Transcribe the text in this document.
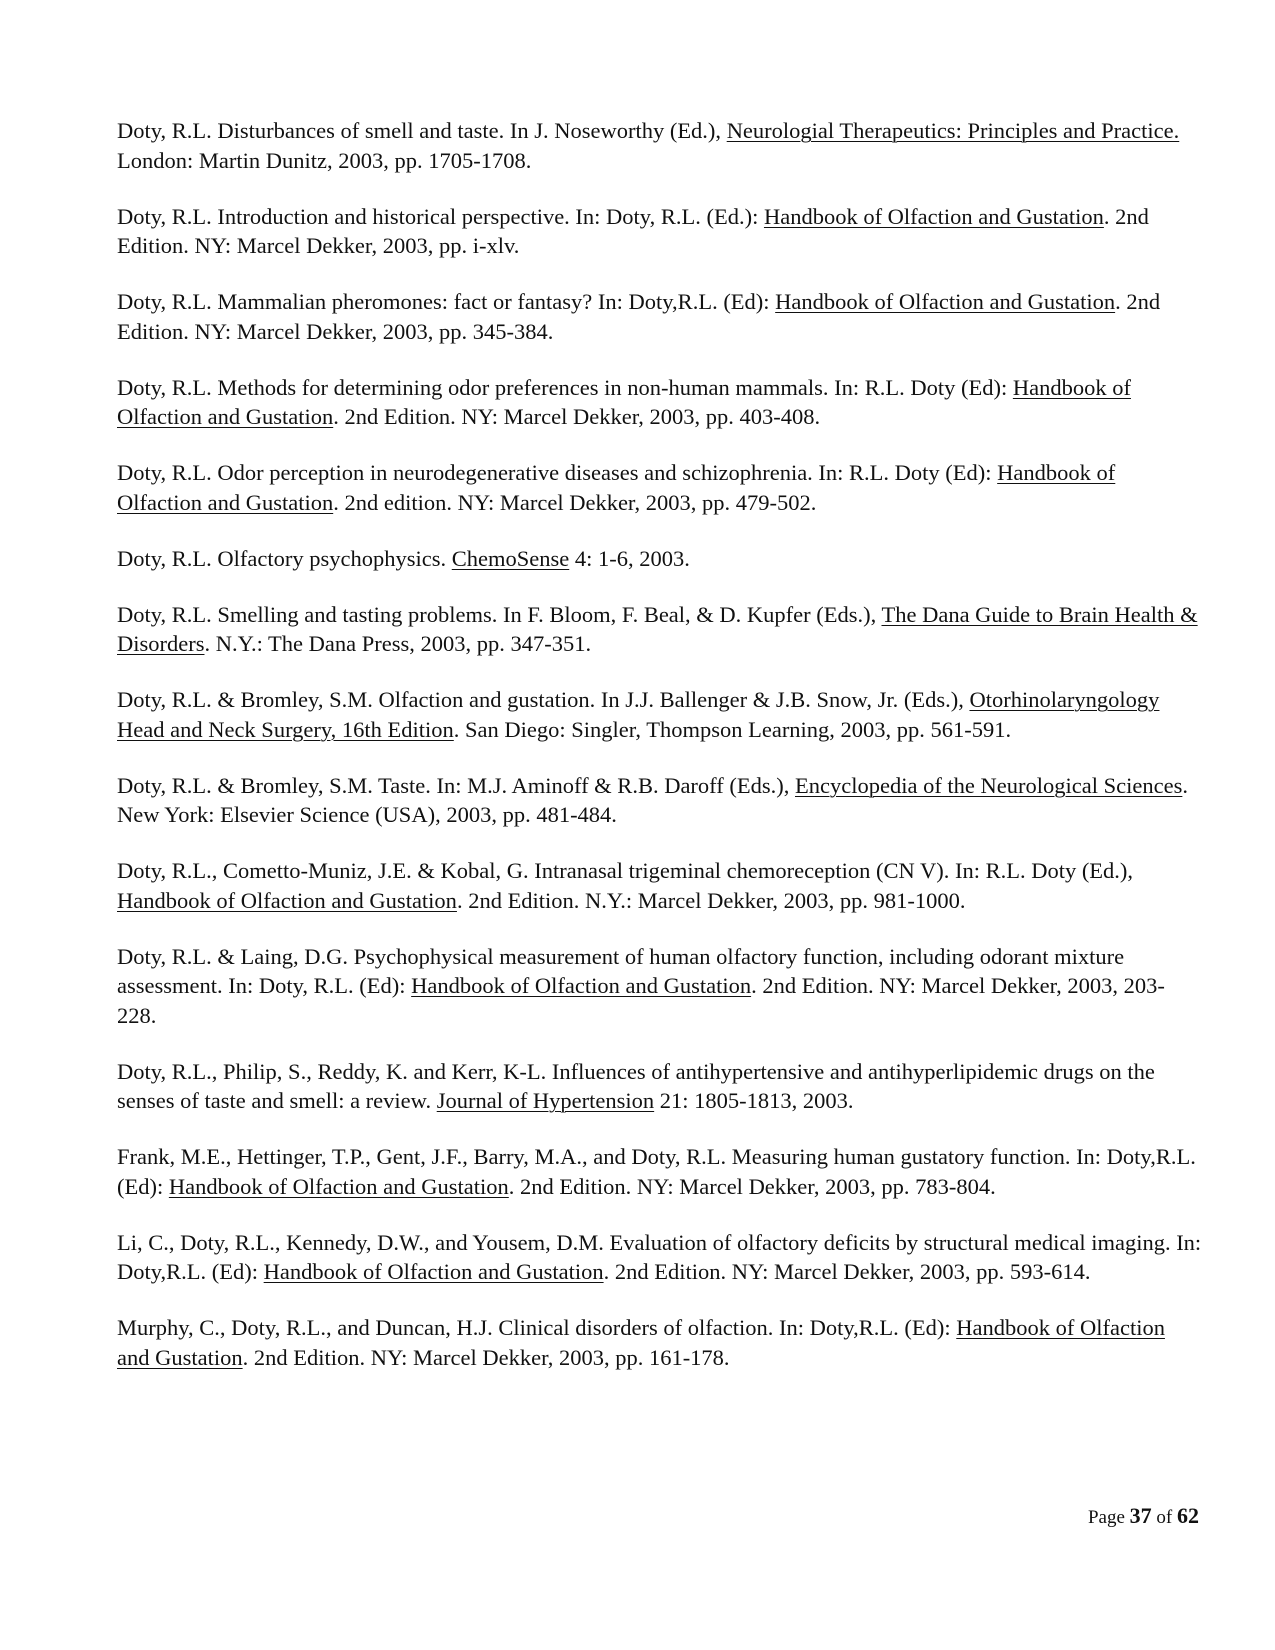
Doty, R.L. Disturbances of smell and taste. In J. Noseworthy (Ed.), Neurologial Therapeutics: Principles and Practice. London: Martin Dunitz, 2003, pp. 1705-1708.

Doty, R.L. Introduction and historical perspective. In: Doty, R.L. (Ed.): Handbook of Olfaction and Gustation. 2nd Edition. NY: Marcel Dekker, 2003, pp. i-xlv.

Doty, R.L. Mammalian pheromones: fact or fantasy? In: Doty,R.L. (Ed): Handbook of Olfaction and Gustation. 2nd Edition. NY: Marcel Dekker, 2003, pp. 345-384.

Doty, R.L. Methods for determining odor preferences in non-human mammals. In: R.L. Doty (Ed): Handbook of Olfaction and Gustation. 2nd Edition. NY: Marcel Dekker, 2003, pp. 403-408.

Doty, R.L. Odor perception in neurodegenerative diseases and schizophrenia. In: R.L. Doty (Ed): Handbook of Olfaction and Gustation. 2nd edition. NY: Marcel Dekker, 2003, pp. 479-502.

Doty, R.L. Olfactory psychophysics. ChemoSense 4: 1-6, 2003.

Doty, R.L. Smelling and tasting problems. In F. Bloom, F. Beal, & D. Kupfer (Eds.), The Dana Guide to Brain Health & Disorders. N.Y.: The Dana Press, 2003, pp. 347-351.

Doty, R.L. & Bromley, S.M. Olfaction and gustation. In J.J. Ballenger & J.B. Snow, Jr. (Eds.), Otorhinolaryngology Head and Neck Surgery, 16th Edition. San Diego: Singler, Thompson Learning, 2003, pp. 561-591.

Doty, R.L. & Bromley, S.M. Taste. In: M.J. Aminoff & R.B. Daroff (Eds.), Encyclopedia of the Neurological Sciences. New York: Elsevier Science (USA), 2003, pp. 481-484.

Doty, R.L., Cometto-Muniz, J.E. & Kobal, G. Intranasal trigeminal chemoreception (CN V). In: R.L. Doty (Ed.), Handbook of Olfaction and Gustation. 2nd Edition. N.Y.: Marcel Dekker, 2003, pp. 981-1000.

Doty, R.L. & Laing, D.G. Psychophysical measurement of human olfactory function, including odorant mixture assessment. In: Doty, R.L. (Ed): Handbook of Olfaction and Gustation. 2nd Edition. NY: Marcel Dekker, 2003, 203-228.

Doty, R.L., Philip, S., Reddy, K. and Kerr, K-L. Influences of antihypertensive and antihyperlipidemic drugs on the senses of taste and smell: a review. Journal of Hypertension 21: 1805-1813, 2003.

Frank, M.E., Hettinger, T.P., Gent, J.F., Barry, M.A., and Doty, R.L. Measuring human gustatory function. In: Doty,R.L. (Ed): Handbook of Olfaction and Gustation. 2nd Edition. NY: Marcel Dekker, 2003, pp. 783-804.

Li, C., Doty, R.L., Kennedy, D.W., and Yousem, D.M. Evaluation of olfactory deficits by structural medical imaging. In: Doty,R.L. (Ed): Handbook of Olfaction and Gustation. 2nd Edition. NY: Marcel Dekker, 2003, pp. 593-614.

Murphy, C., Doty, R.L., and Duncan, H.J. Clinical disorders of olfaction. In: Doty,R.L. (Ed): Handbook of Olfaction and Gustation. 2nd Edition. NY: Marcel Dekker, 2003, pp. 161-178.

Page 37 of 62
